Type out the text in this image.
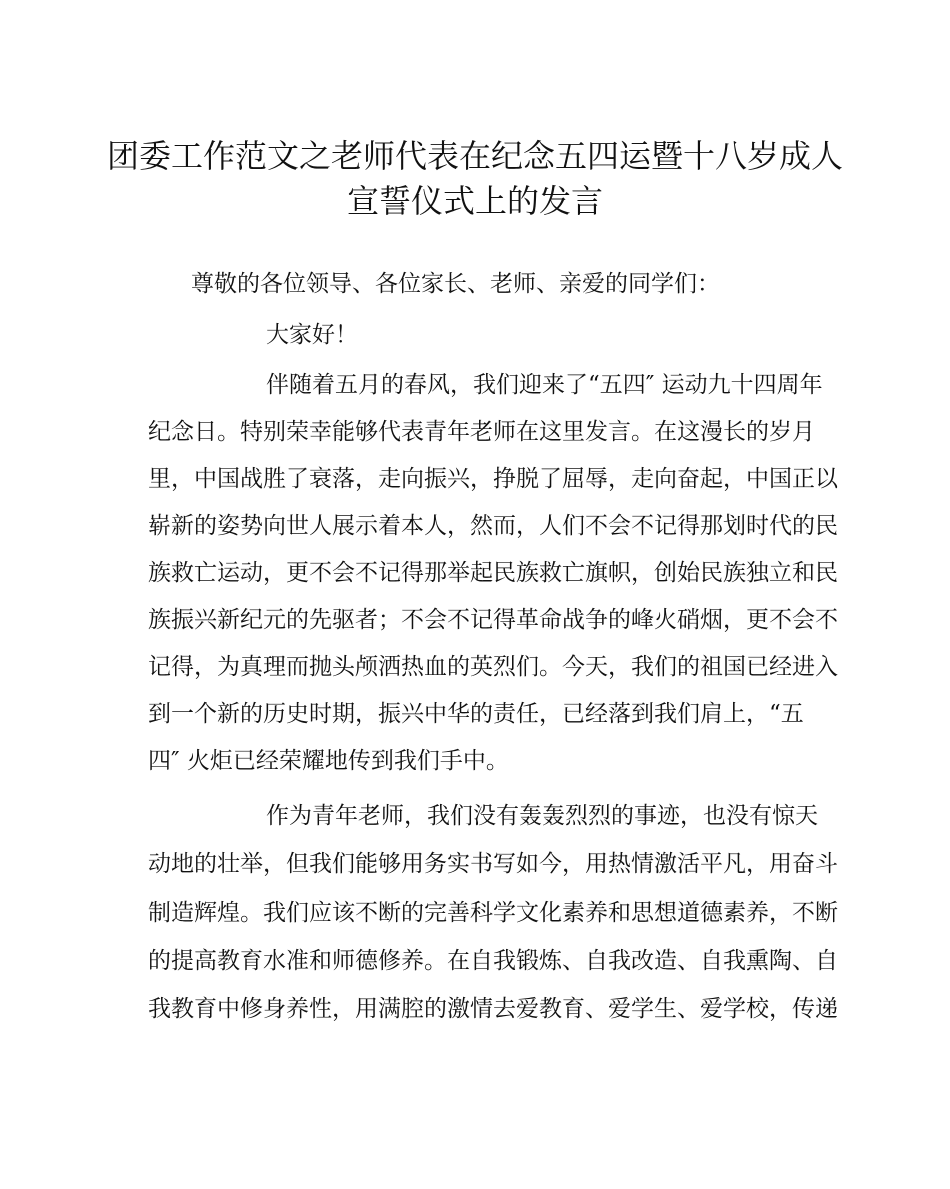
团委工作范文之老师代表在纪念五四运暨十八岁成人
宣誓仪式上的发言
尊敬的各位领导、各位家长、老师、亲爱的同学们：
大家好！
伴随着五月的春风，我们迎来了“五四″ 运动九十四周年
纪念日。特别荣幸能够代表青年老师在这里发言。在这漫长的岁月
里，中国战胜了衰落，走向振兴，挣脱了屈辱，走向奋起，中国正以
崭新的姿势向世人展示着本人，然而，人们不会不记得那划时代的民
族救亡运动，更不会不记得那举起民族救亡旗帜，创始民族独立和民
族振兴新纪元的先驱者；不会不记得革命战争的峰火硝烟，更不会不
记得，为真理而抛头颅洒热血的英烈们。今天，我们的祖国已经进入
到一个新的历史时期，振兴中华的责任，已经落到我们肩上，“五
四″ 火炬已经荣耀地传到我们手中。
作为青年老师，我们没有轰轰烈烈的事迹，也没有惊天
动地的壮举，但我们能够用务实书写如今，用热情激活平凡，用奋斗
制造辉煌。我们应该不断的完善科学文化素养和思想道德素养，不断
的提高教育水准和师德修养。在自我锻炼、自我改造、自我熏陶、自
我教育中修身养性，用满腔的激情去爱教育、爱学生、爱学校，传递
